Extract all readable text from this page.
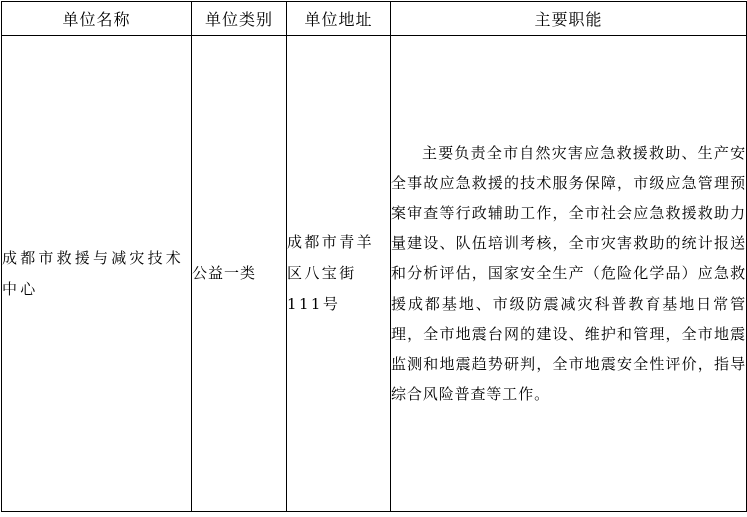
单位名称	单位类别	单位地址	主要职能
成都市救援与减灾技术中心	公益一类	成都市青羊区八宝街111号	主要负责全市自然灾害应急救援救助、生产安全事故应急救援的技术服务保障，市级应急管理预案审查等行政辅助工作，全市社会应急救援救助力量建设、队伍培训考核，全市灾害救助的统计报送和分析评估，国家安全生产（危险化学品）应急救援成都基地、市级防震减灾科普教育基地日常管理，全市地震台网的建设、维护和管理，全市地震监测和地震趋势研判，全市地震安全性评价，指导综合风险普查等工作。
